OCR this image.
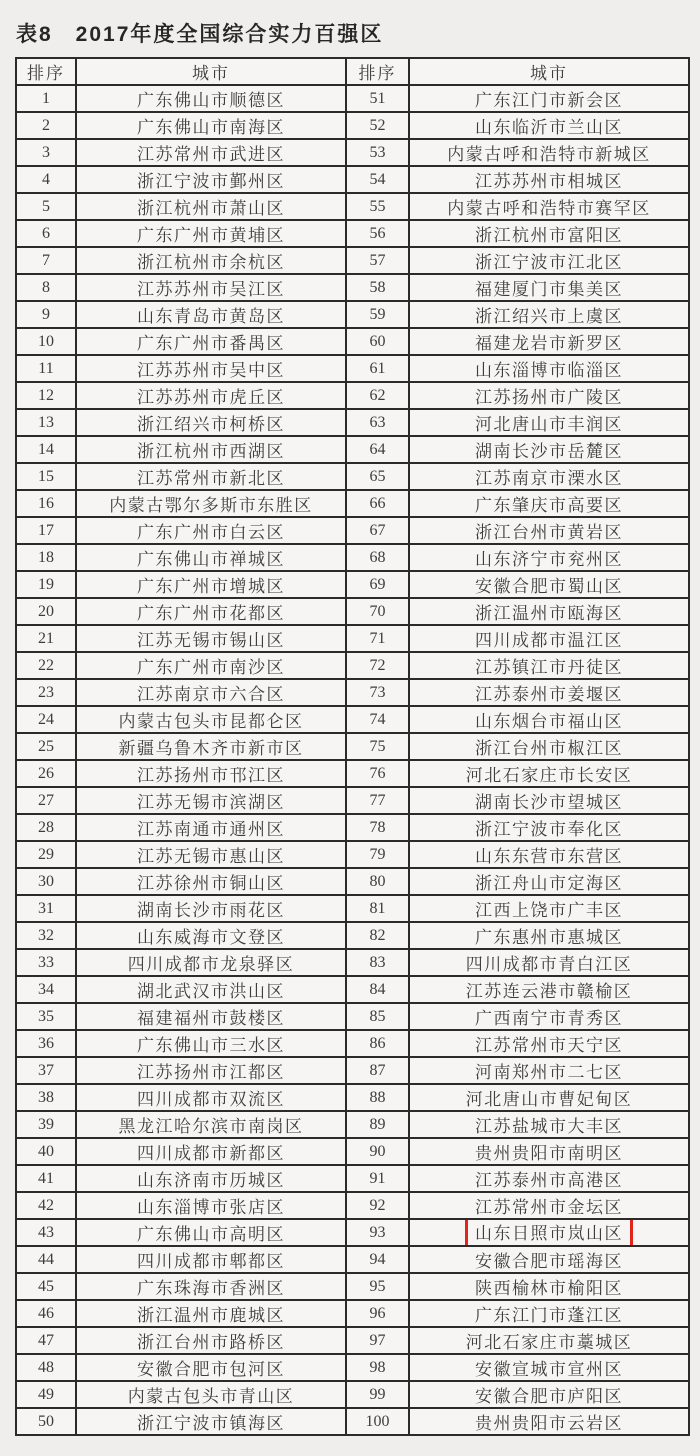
表8　2017年度全国综合实力百强区
排序	城市	排序	城市
1	广东佛山市顺德区	51	广东江门市新会区
2	广东佛山市南海区	52	山东临沂市兰山区
3	江苏常州市武进区	53	内蒙古呼和浩特市新城区
4	浙江宁波市鄞州区	54	江苏苏州市相城区
5	浙江杭州市萧山区	55	内蒙古呼和浩特市赛罕区
6	广东广州市黄埔区	56	浙江杭州市富阳区
7	浙江杭州市余杭区	57	浙江宁波市江北区
8	江苏苏州市吴江区	58	福建厦门市集美区
9	山东青岛市黄岛区	59	浙江绍兴市上虞区
10	广东广州市番禺区	60	福建龙岩市新罗区
11	江苏苏州市吴中区	61	山东淄博市临淄区
12	江苏苏州市虎丘区	62	江苏扬州市广陵区
13	浙江绍兴市柯桥区	63	河北唐山市丰润区
14	浙江杭州市西湖区	64	湖南长沙市岳麓区
15	江苏常州市新北区	65	江苏南京市溧水区
16	内蒙古鄂尔多斯市东胜区	66	广东肇庆市高要区
17	广东广州市白云区	67	浙江台州市黄岩区
18	广东佛山市禅城区	68	山东济宁市兖州区
19	广东广州市增城区	69	安徽合肥市蜀山区
20	广东广州市花都区	70	浙江温州市瓯海区
21	江苏无锡市锡山区	71	四川成都市温江区
22	广东广州市南沙区	72	江苏镇江市丹徒区
23	江苏南京市六合区	73	江苏泰州市姜堰区
24	内蒙古包头市昆都仑区	74	山东烟台市福山区
25	新疆乌鲁木齐市新市区	75	浙江台州市椒江区
26	江苏扬州市邗江区	76	河北石家庄市长安区
27	江苏无锡市滨湖区	77	湖南长沙市望城区
28	江苏南通市通州区	78	浙江宁波市奉化区
29	江苏无锡市惠山区	79	山东东营市东营区
30	江苏徐州市铜山区	80	浙江舟山市定海区
31	湖南长沙市雨花区	81	江西上饶市广丰区
32	山东威海市文登区	82	广东惠州市惠城区
33	四川成都市龙泉驿区	83	四川成都市青白江区
34	湖北武汉市洪山区	84	江苏连云港市赣榆区
35	福建福州市鼓楼区	85	广西南宁市青秀区
36	广东佛山市三水区	86	江苏常州市天宁区
37	江苏扬州市江都区	87	河南郑州市二七区
38	四川成都市双流区	88	河北唐山市曹妃甸区
39	黑龙江哈尔滨市南岗区	89	江苏盐城市大丰区
40	四川成都市新都区	90	贵州贵阳市南明区
41	山东济南市历城区	91	江苏泰州市高港区
42	山东淄博市张店区	92	江苏常州市金坛区
43	广东佛山市高明区	93	山东日照市岚山区
44	四川成都市郫都区	94	安徽合肥市瑶海区
45	广东珠海市香洲区	95	陕西榆林市榆阳区
46	浙江温州市鹿城区	96	广东江门市蓬江区
47	浙江台州市路桥区	97	河北石家庄市藁城区
48	安徽合肥市包河区	98	安徽宣城市宣州区
49	内蒙古包头市青山区	99	安徽合肥市庐阳区
50	浙江宁波市镇海区	100	贵州贵阳市云岩区
